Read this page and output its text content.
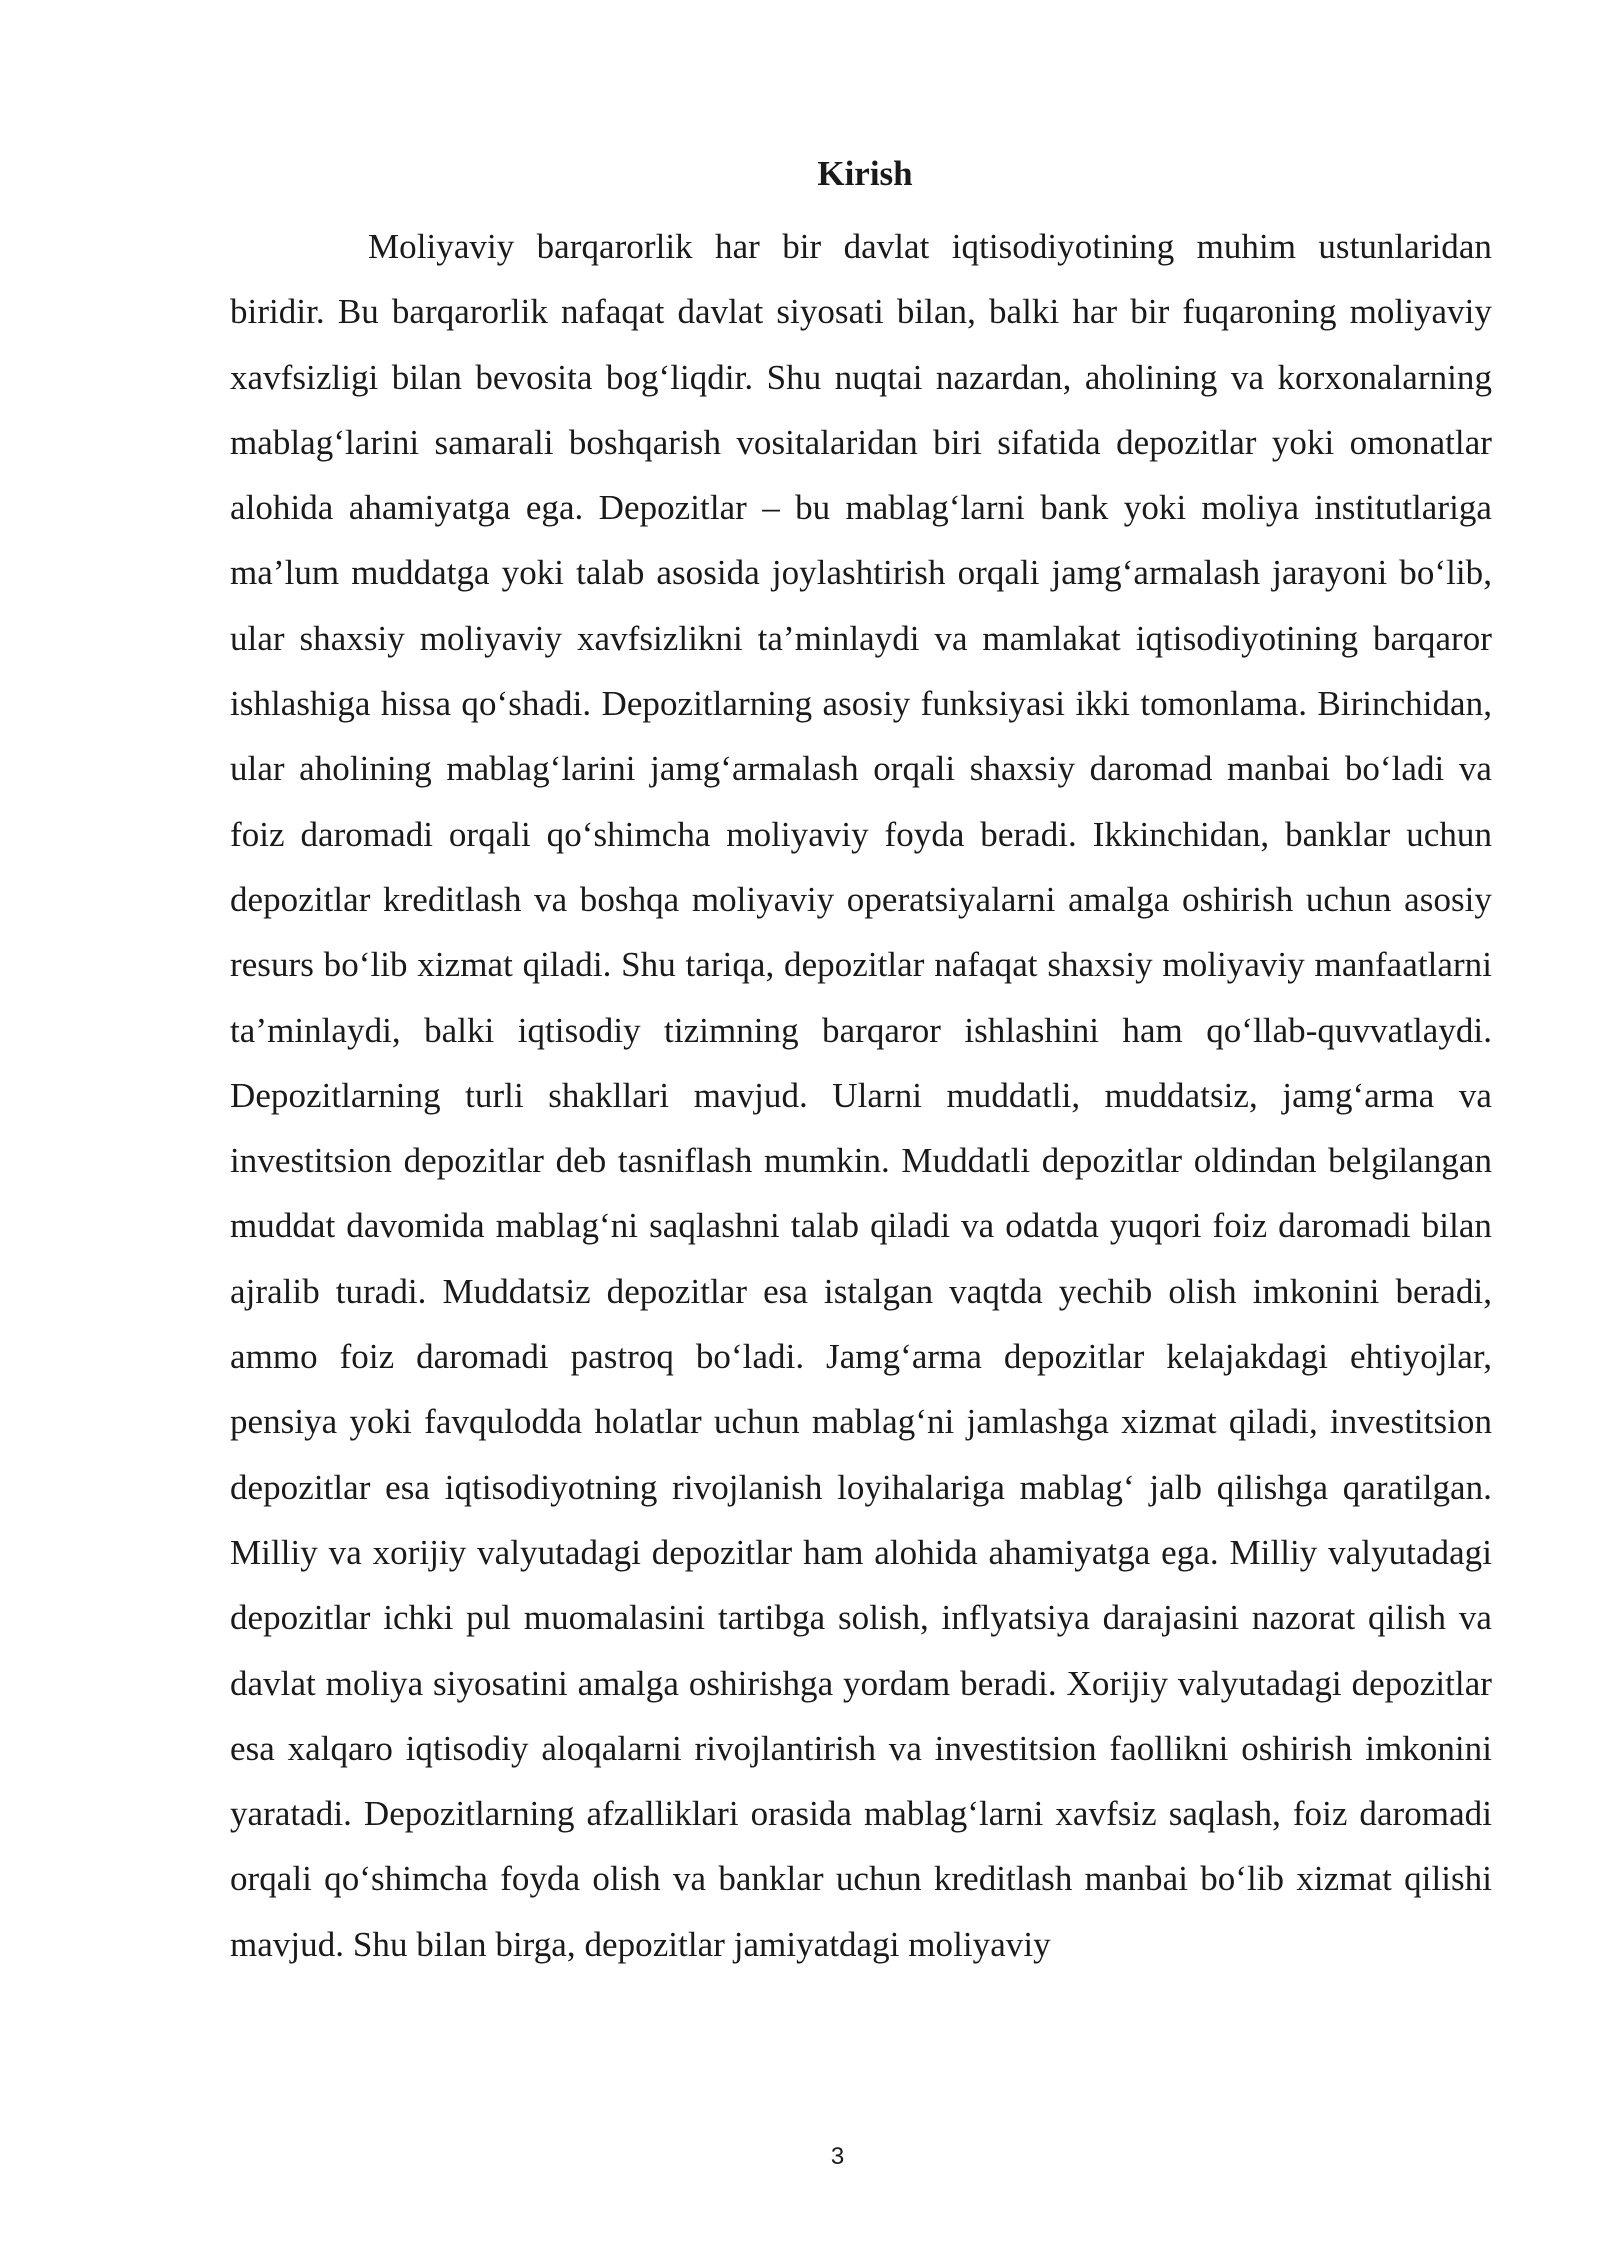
Kirish

Moliyaviy barqarorlik har bir davlat iqtisodiyotining muhim ustunlaridan biridir. Bu barqarorlik nafaqat davlat siyosati bilan, balki har bir fuqaroning moliyaviy xavfsizligi bilan bevosita bog‘liqdir. Shu nuqtai nazardan, aholining va korxonalarning mablag‘larini samarali boshqarish vositalaridan biri sifatida depozitlar yoki omonatlar alohida ahamiyatga ega. Depozitlar – bu mablag‘larni bank yoki moliya institutlariga ma’lum muddatga yoki talab asosida joylashtirish orqali jamg‘armalash jarayoni bo‘lib, ular shaxsiy moliyaviy xavfsizlikni ta’minlaydi va mamlakat iqtisodiyotining barqaror ishlashiga hissa qo‘shadi. Depozitlarning asosiy funksiyasi ikki tomonlama. Birinchidan, ular aholining mablag‘larini jamg‘armalash orqali shaxsiy daromad manbai bo‘ladi va foiz daromadi orqali qo‘shimcha moliyaviy foyda beradi. Ikkinchidan, banklar uchun depozitlar kreditlash va boshqa moliyaviy operatsiyalarni amalga oshirish uchun asosiy resurs bo‘lib xizmat qiladi. Shu tariqa, depozitlar nafaqat shaxsiy moliyaviy manfaatlarni ta’minlaydi, balki iqtisodiy tizimning barqaror ishlashini ham qo‘llab-quvvatlaydi. Depozitlarning turli shakllari mavjud. Ularni muddatli, muddatsiz, jamg‘arma va investitsion depozitlar deb tasniflash mumkin. Muddatli depozitlar oldindan belgilangan muddat davomida mablag‘ni saqlashni talab qiladi va odatda yuqori foiz daromadi bilan ajralib turadi. Muddatsiz depozitlar esa istalgan vaqtda yechib olish imkonini beradi, ammo foiz daromadi pastroq bo‘ladi. Jamg‘arma depozitlar kelajakdagi ehtiyojlar, pensiya yoki favqulodda holatlar uchun mablag‘ni jamlashga xizmat qiladi, investitsion depozitlar esa iqtisodiyotning rivojlanish loyihalariga mablag‘ jalb qilishga qaratilgan. Milliy va xorijiy valyutadagi depozitlar ham alohida ahamiyatga ega. Milliy valyutadagi depozitlar ichki pul muomalasini tartibga solish, inflyatsiya darajasini nazorat qilish va davlat moliya siyosatini amalga oshirishga yordam beradi. Xorijiy valyutadagi depozitlar esa xalqaro iqtisodiy aloqalarni rivojlantirish va investitsion faollikni oshirish imkonini yaratadi. Depozitlarning afzalliklari orasida mablag‘larni xavfsiz saqlash, foiz daromadi orqali qo‘shimcha foyda olish va banklar uchun kreditlash manbai bo‘lib xizmat qilishi mavjud. Shu bilan birga, depozitlar jamiyatdagi moliyaviy

3
